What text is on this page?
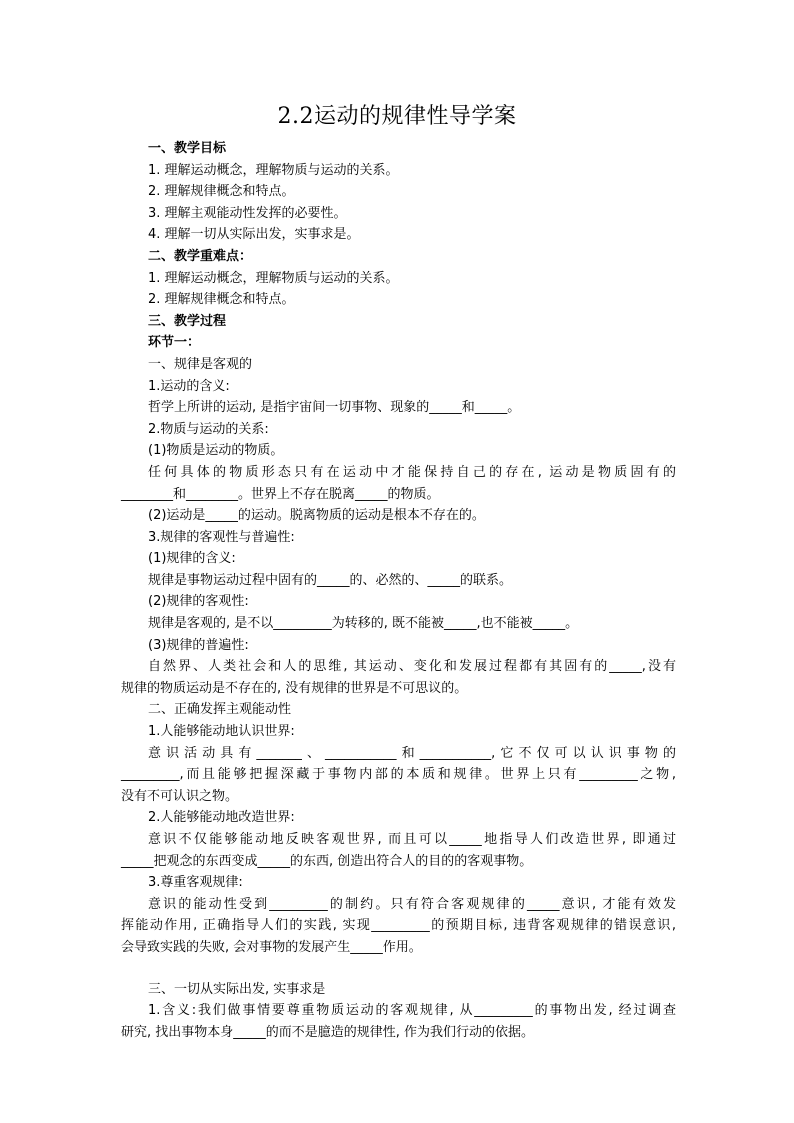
2.2运动的规律性导学案
一、教学目标
1. 理解运动概念，理解物质与运动的关系。
2. 理解规律概念和特点。
3. 理解主观能动性发挥的必要性。
4. 理解一切从实际出发，实事求是。
二、教学重难点：
1. 理解运动概念，理解物质与运动的关系。
2. 理解规律概念和特点。
三、教学过程
环节一：
一、规律是客观的
1.运动的含义:
哲学上所讲的运动, 是指宇宙间一切事物、现象的_____和_____。
2.物质与运动的关系:
(1)物质是运动的物质。
任何具体的物质形态只有在运动中才能保持自己的存在, 运动是物质固有的
________和________。世界上不存在脱离_____的物质。
(2)运动是_____的运动。脱离物质的运动是根本不存在的。
3.规律的客观性与普遍性:
(1)规律的含义:
规律是事物运动过程中固有的_____的、必然的、_____的联系。
(2)规律的客观性:
规律是客观的, 是不以_________为转移的, 既不能被_____,也不能被_____。
(3)规律的普遍性:
自然界、人类社会和人的思维, 其运动、变化和发展过程都有其固有的_____,没有
规律的物质运动是不存在的, 没有规律的世界是不可思议的。
二、正确发挥主观能动性
1.人能够能动地认识世界:
意识活动具有_______、___________和___________,它不仅可以认识事物的
_________,而且能够把握深藏于事物内部的本质和规律。世界上只有_________之物,
没有不可认识之物。
2.人能够能动地改造世界:
意识不仅能够能动地反映客观世界, 而且可以_____地指导人们改造世界, 即通过
_____把观念的东西变成_____的东西, 创造出符合人的目的的客观事物。
3.尊重客观规律:
意识的能动性受到_________的制约。只有符合客观规律的_____意识, 才能有效发
挥能动作用, 正确指导人们的实践, 实现_________的预期目标, 违背客观规律的错误意识,
会导致实践的失败, 会对事物的发展产生_____作用。
三、一切从实际出发, 实事求是
1.含义:我们做事情要尊重物质运动的客观规律, 从_________的事物出发, 经过调查
研究, 找出事物本身_____的而不是臆造的规律性, 作为我们行动的依据。
